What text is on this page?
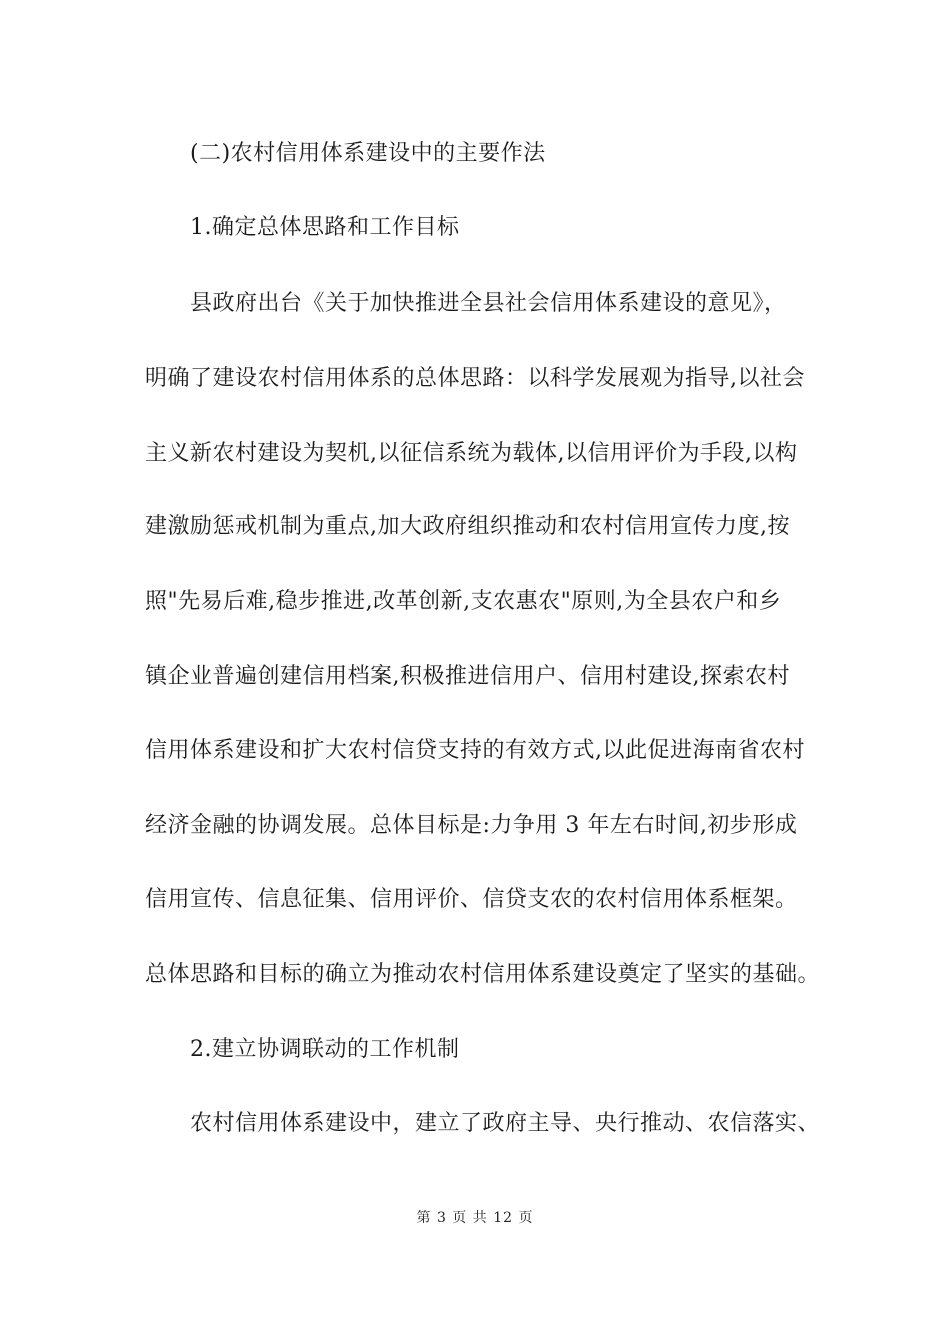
(二)农村信用体系建设中的主要作法
1.确定总体思路和工作目标
县政府出台《关于加快推进全县社会信用体系建设的意见》，
明确了建设农村信用体系的总体思路：以科学发展观为指导,以社会
主义新农村建设为契机,以征信系统为载体,以信用评价为手段,以构
建激励惩戒机制为重点,加大政府组织推动和农村信用宣传力度,按
照"先易后难,稳步推进,改革创新,支农惠农"原则,为全县农户和乡
镇企业普遍创建信用档案,积极推进信用户、信用村建设,探索农村
信用体系建设和扩大农村信贷支持的有效方式,以此促进海南省农村
经济金融的协调发展。总体目标是:力争用 3 年左右时间,初步形成
信用宣传、信息征集、信用评价、信贷支农的农村信用体系框架。
总体思路和目标的确立为推动农村信用体系建设奠定了坚实的基础。
2.建立协调联动的工作机制
农村信用体系建设中，建立了政府主导、央行推动、农信落实、
第 3 页 共 12 页
